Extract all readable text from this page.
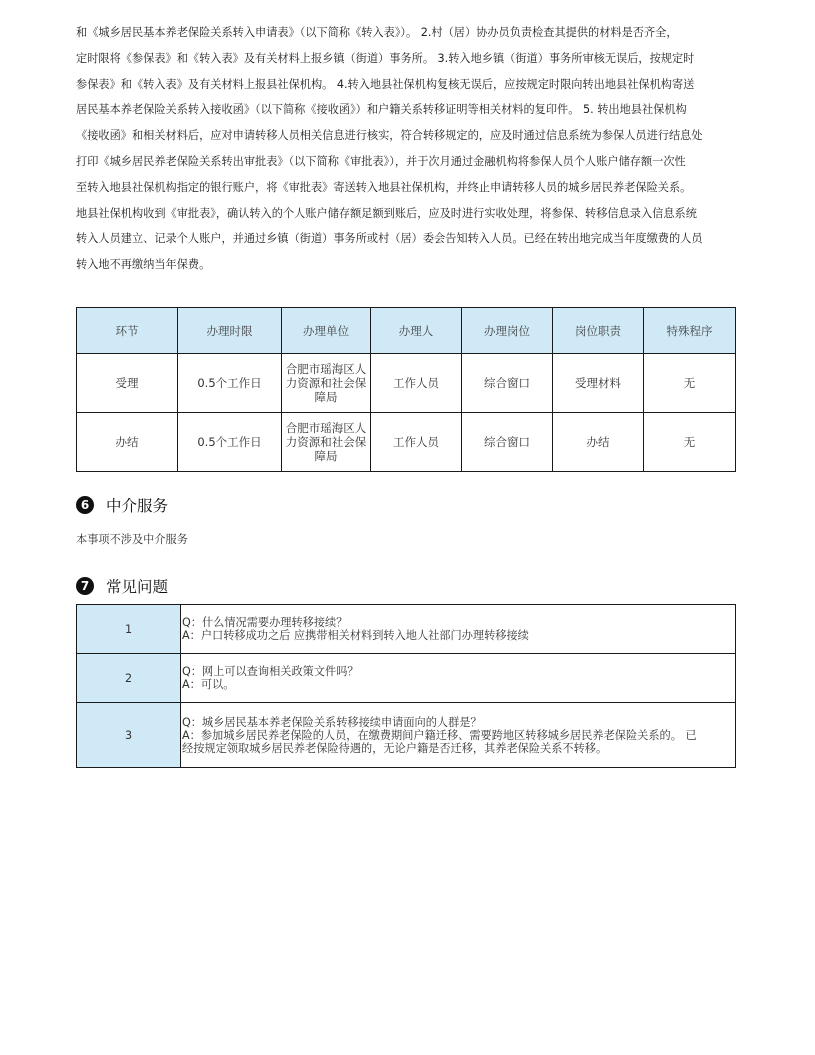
和《城乡居民基本养老保险关系转入申请表》（以下简称《转入表》）。 2.村（居）协办员负责检查其提供的材料是否齐全，
定时限将《参保表》和《转入表》及有关材料上报乡镇（街道）事务所。 3.转入地乡镇（街道）事务所审核无误后，按规定时
参保表》和《转入表》及有关材料上报县社保机构。 4.转入地县社保机构复核无误后，应按规定时限向转出地县社保机构寄送
居民基本养老保险关系转入接收函》（以下简称《接收函》）和户籍关系转移证明等相关材料的复印件。 5. 转出地县社保机构
《接收函》和相关材料后，应对申请转移人员相关信息进行核实，符合转移规定的，应及时通过信息系统为参保人员进行结息处
打印《城乡居民养老保险关系转出审批表》（以下简称《审批表》），并于次月通过金融机构将参保人员个人账户储存额一次性
至转入地县社保机构指定的银行账户，将《审批表》寄送转入地县社保机构，并终止申请转移人员的城乡居民养老保险关系。
地县社保机构收到《审批表》，确认转入的个人账户储存额足额到账后，应及时进行实收处理，将参保、转移信息录入信息系统
转入人员建立、记录个人账户，并通过乡镇（街道）事务所或村（居）委会告知转入人员。已经在转出地完成当年度缴费的人员
转入地不再缴纳当年保费。
环节	办理时限	办理单位	办理人	办理岗位	岗位职责	特殊程序
受理	0.5个工作日	合肥市瑶海区人力资源和社会保障局	工作人员	综合窗口	受理材料	无
办结	0.5个工作日	合肥市瑶海区人力资源和社会保障局	工作人员	综合窗口	办结	无
6	中介服务
本事项不涉及中介服务
7	常见问题
1	Q：什么情况需要办理转移接续？
A：户口转移成功之后 应携带相关材料到转入地人社部门办理转移接续

2	Q：网上可以查询相关政策文件吗？
A：可以。

3	Q：城乡居民基本养老保险关系转移接续申请面向的人群是？
A：参加城乡居民养老保险的人员，在缴费期间户籍迁移、需要跨地区转移城乡居民养老保险关系的。 已
经按规定领取城乡居民养老保险待遇的，无论户籍是否迁移，其养老保险关系不转移。
